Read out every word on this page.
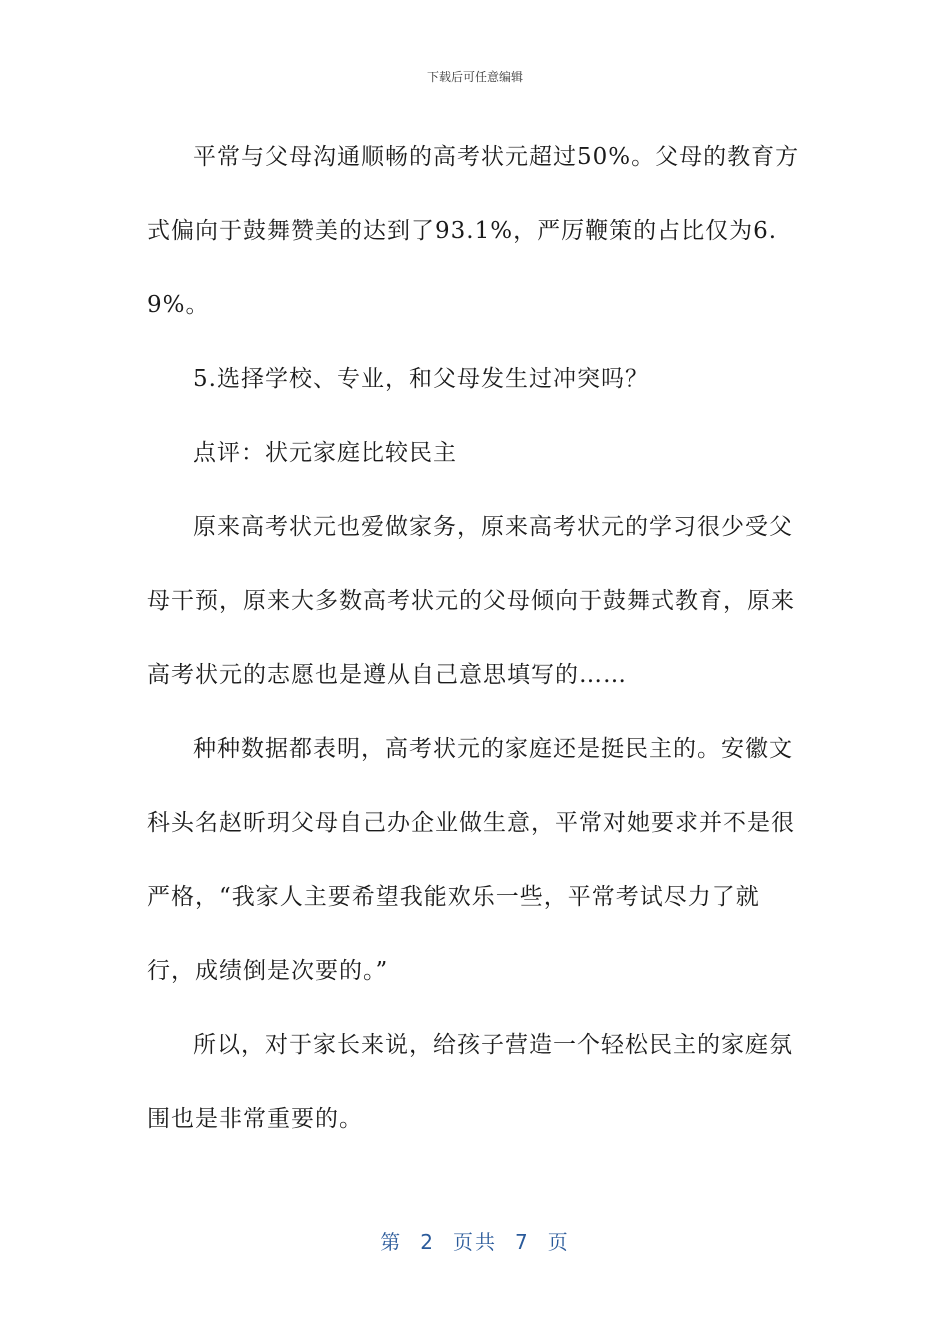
下载后可任意编辑

平常与父母沟通顺畅的高考状元超过50%。父母的教育方式偏向于鼓舞赞美的达到了93.1%，严厉鞭策的占比仅为6.9%。

5.选择学校、专业，和父母发生过冲突吗？

点评：状元家庭比较民主

原来高考状元也爱做家务，原来高考状元的学习很少受父母干预，原来大多数高考状元的父母倾向于鼓舞式教育，原来高考状元的志愿也是遵从自己意思填写的……

种种数据都表明，高考状元的家庭还是挺民主的。安徽文科头名赵昕玥父母自己办企业做生意，平常对她要求并不是很严格，“我家人主要希望我能欢乐一些，平常考试尽力了就行，成绩倒是次要的。”

所以，对于家长来说，给孩子营造一个轻松民主的家庭氛围也是非常重要的。

第 2 页共 7 页
